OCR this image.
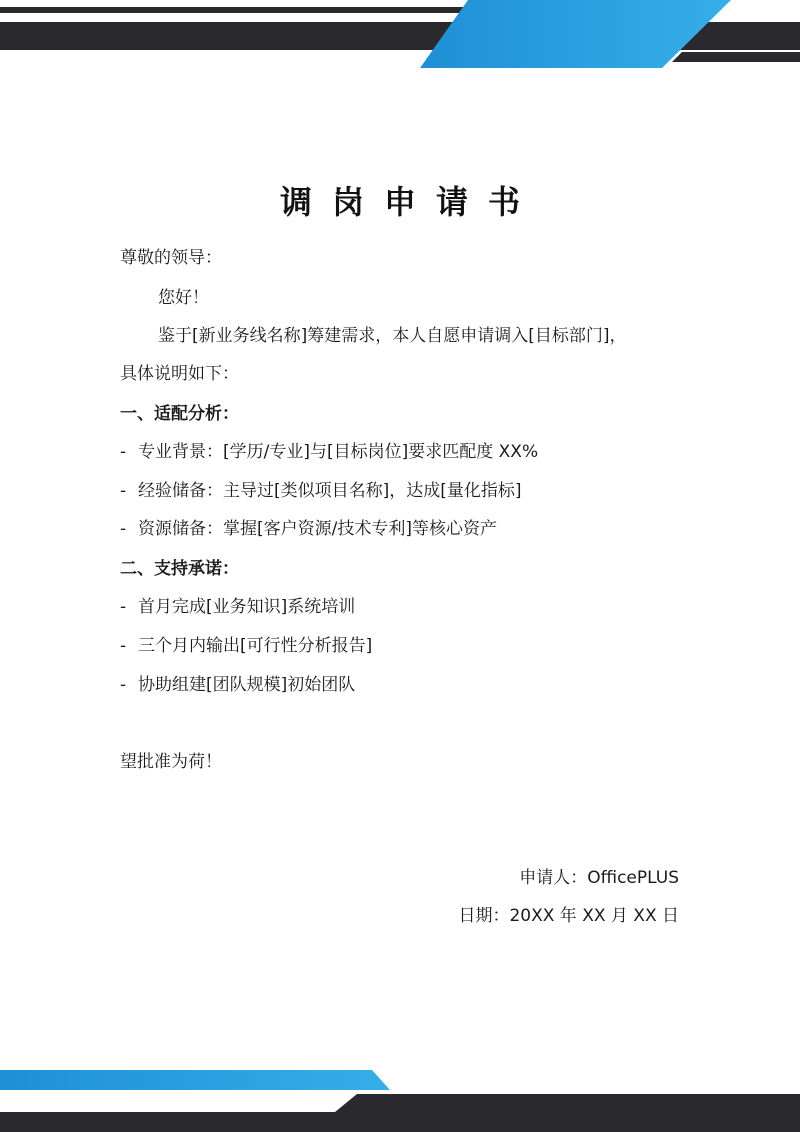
调岗申请书
尊敬的领导：
您好！
鉴于[新业务线名称]筹建需求，本人自愿申请调入[目标部门]，
具体说明如下：
一、适配分析：
- 专业背景：[学历/专业]与[目标岗位]要求匹配度 XX%
- 经验储备：主导过[类似项目名称]，达成[量化指标]
- 资源储备：掌握[客户资源/技术专利]等核心资产
二、支持承诺：
- 首月完成[业务知识]系统培训
- 三个月内输出[可行性分析报告]
- 协助组建[团队规模]初始团队
望批准为荷！
申请人：OfficePLUS
日期：20XX 年 XX 月 XX 日
